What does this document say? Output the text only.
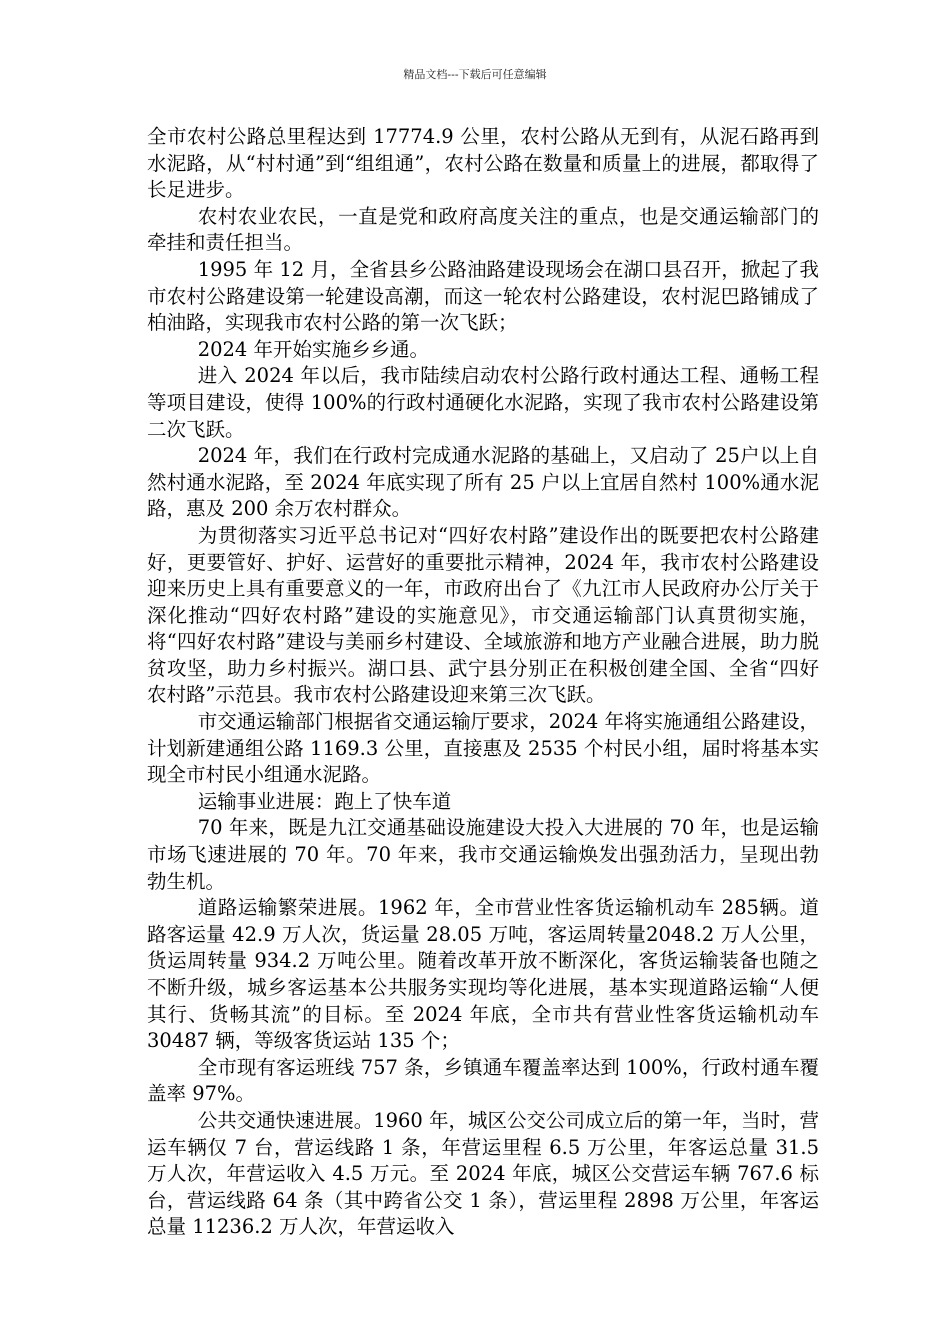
精品文档---下载后可任意编辑

全市农村公路总里程达到 17774.9 公里，农村公路从无到有，从泥石路再到水泥路，从“村村通”到“组组通”，农村公路在数量和质量上的进展，都取得了长足进步。

农村农业农民，一直是党和政府高度关注的重点，也是交通运输部门的牵挂和责任担当。

1995 年 12 月，全省县乡公路油路建设现场会在湖口县召开，掀起了我市农村公路建设第一轮建设高潮，而这一轮农村公路建设，农村泥巴路铺成了柏油路，实现我市农村公路的第一次飞跃；

2024 年开始实施乡乡通。

进入 2024 年以后，我市陆续启动农村公路行政村通达工程、通畅工程等项目建设，使得 100%的行政村通硬化水泥路，实现了我市农村公路建设第二次飞跃。

2024 年，我们在行政村完成通水泥路的基础上，又启动了 25户以上自然村通水泥路，至 2024 年底实现了所有 25 户以上宜居自然村 100%通水泥路，惠及 200 余万农村群众。

为贯彻落实习近平总书记对“四好农村路”建设作出的既要把农村公路建好，更要管好、护好、运营好的重要批示精神，2024 年，我市农村公路建设迎来历史上具有重要意义的一年，市政府出台了《九江市人民政府办公厅关于深化推动“四好农村路”建设的实施意见》，市交通运输部门认真贯彻实施，将“四好农村路”建设与美丽乡村建设、全域旅游和地方产业融合进展，助力脱贫攻坚，助力乡村振兴。湖口县、武宁县分别正在积极创建全国、全省“四好农村路”示范县。我市农村公路建设迎来第三次飞跃。

市交通运输部门根据省交通运输厅要求，2024 年将实施通组公路建设，计划新建通组公路 1169.3 公里，直接惠及 2535 个村民小组，届时将基本实现全市村民小组通水泥路。

运输事业进展：跑上了快车道

70 年来，既是九江交通基础设施建设大投入大进展的 70 年，也是运输市场飞速进展的 70 年。70 年来，我市交通运输焕发出强劲活力，呈现出勃勃生机。

道路运输繁荣进展。1962 年，全市营业性客货运输机动车 285辆。道路客运量 42.9 万人次，货运量 28.05 万吨，客运周转量2048.2 万人公里，货运周转量 934.2 万吨公里。随着改革开放不断深化，客货运输装备也随之不断升级，城乡客运基本公共服务实现均等化进展，基本实现道路运输“人便其行、货畅其流”的目标。至 2024 年底，全市共有营业性客货运输机动车 30487 辆，等级客货运站 135 个；

全市现有客运班线 757 条，乡镇通车覆盖率达到 100%，行政村通车覆盖率 97%。

公共交通快速进展。1960 年，城区公交公司成立后的第一年，当时，营运车辆仅 7 台，营运线路 1 条，年营运里程 6.5 万公里，年客运总量 31.5 万人次，年营运收入 4.5 万元。至 2024 年底，城区公交营运车辆 767.6 标台，营运线路 64 条（其中跨省公交 1 条），营运里程 2898 万公里，年客运总量 11236.2 万人次，年营运收入
